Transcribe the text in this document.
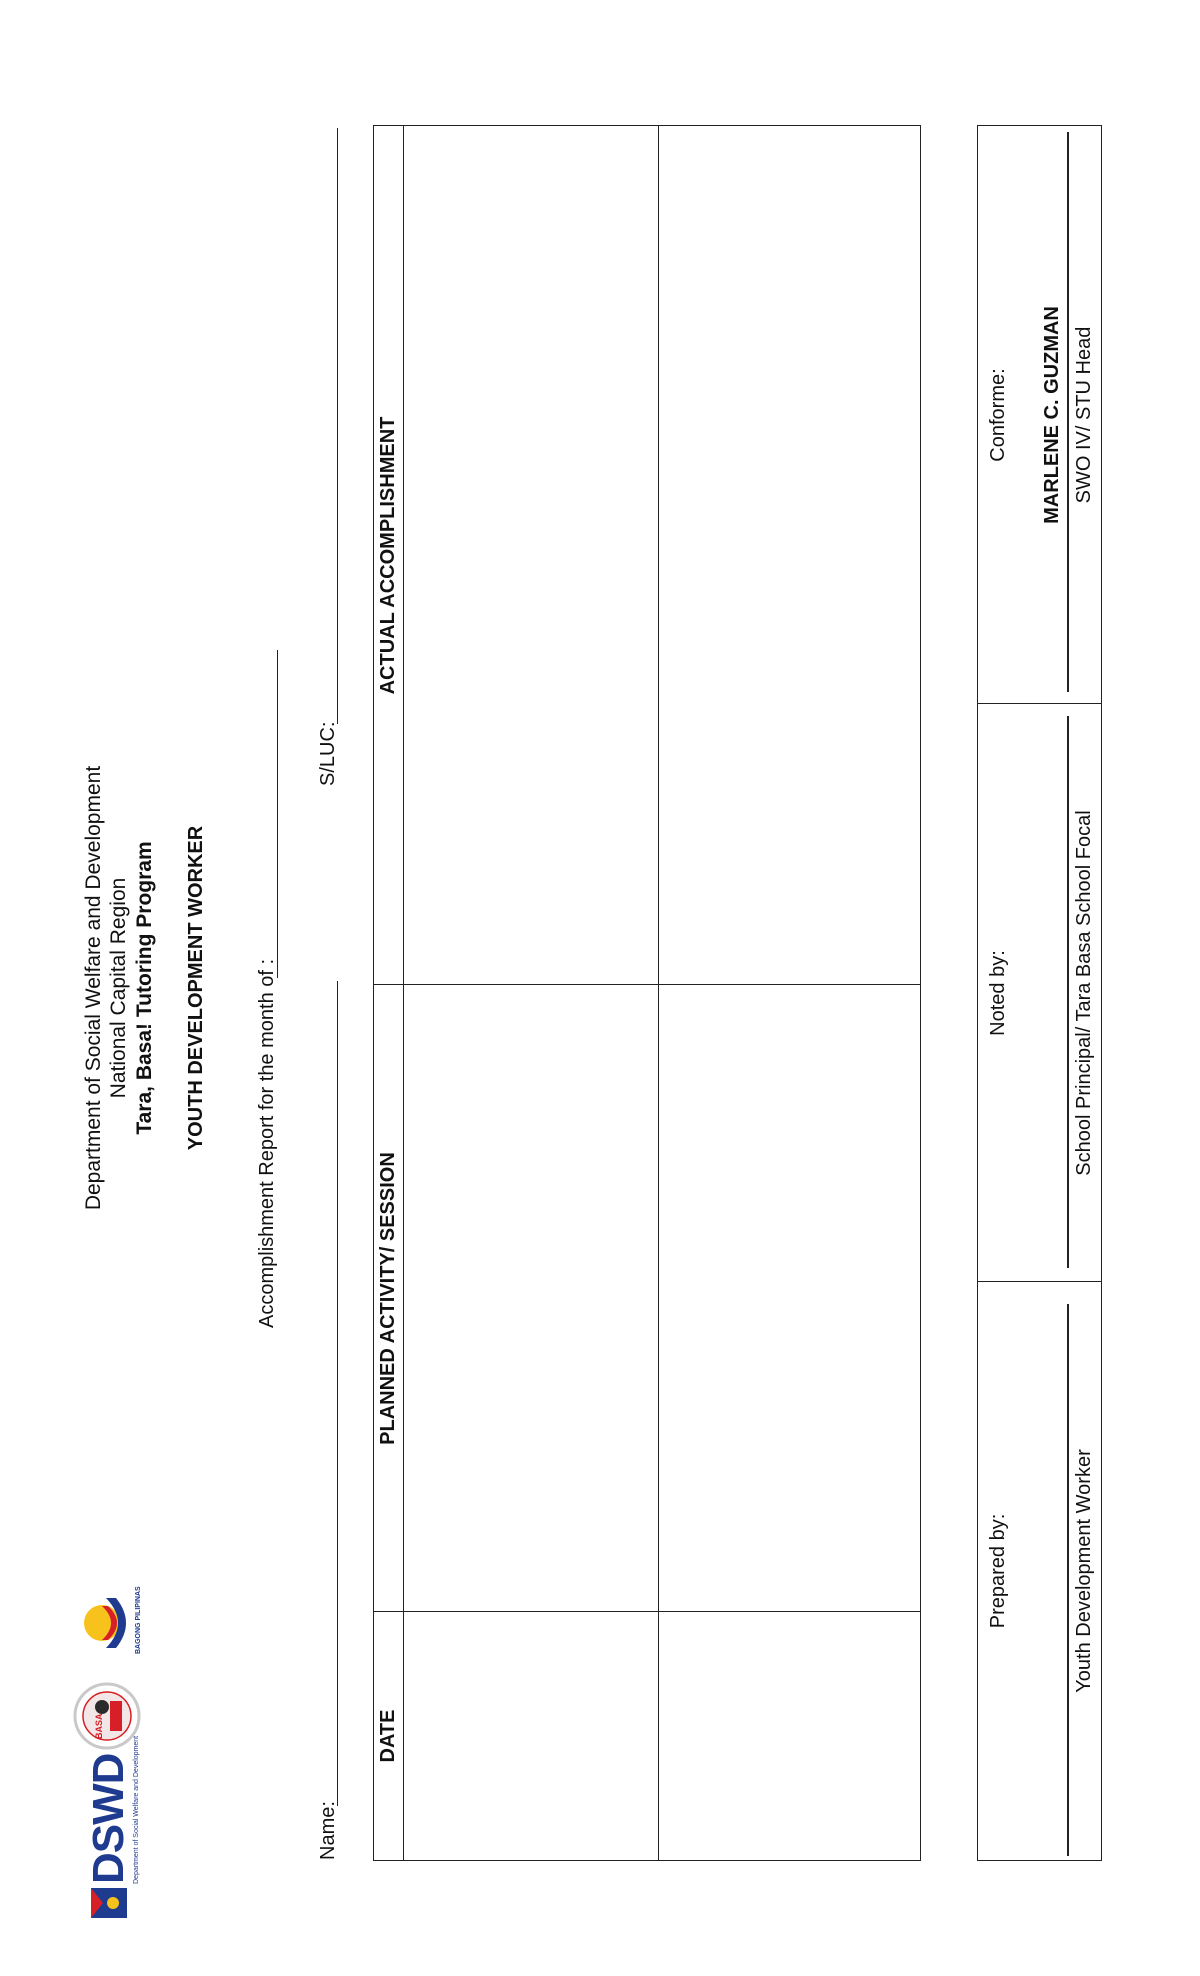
DSWD Department of Social Welfare and Development
BASA
BAGONG PILIPINAS
Department of Social Welfare and Development National Capital Region Tara, Basa! Tutoring Program YOUTH DEVELOPMENT WORKER Accomplishment Report for the month of :
Name:
S/LUC:
DATE
PLANNED ACTIVITY/ SESSION
ACTUAL ACCOMPLISHMENT
Prepared by:	Youth Development Worker
Noted by:	School Principal/ Tara Basa School Focal
Conforme: MARLENE C. GUZMAN SWO IV/ STU Head
